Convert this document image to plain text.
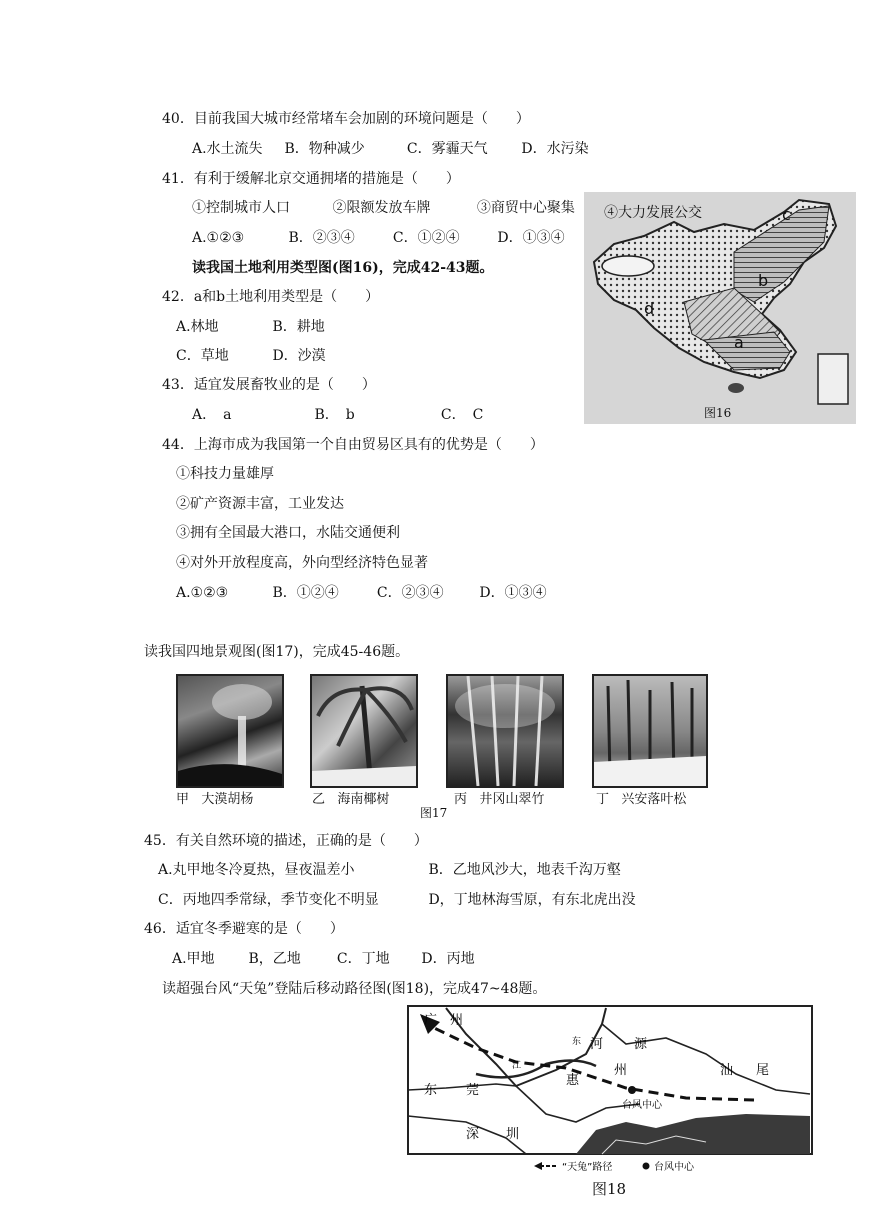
40．目前我国大城市经常堵车会加剧的环境问题是（　　）
A.水土流失 B．物种减少	C．雾霾天气 D．水污染
41．有利于缓解北京交通拥堵的措施是（　　）
①控制城市人口	②限额发放车牌	③商贸中心聚集
A.①②③	B．②③④	C．①②④	D．①③④
读我国土地利用类型图(图16)，完成42-43题。
42．a和b土地利用类型是（　　）
A.林地	B．耕地
C．草地	D．沙漠
43．适宜发展畜牧业的是（　　）
A．　a	B．　b	C．　C
c
b
d
a
④大力发展公交
图16
44．上海市成为我国第一个自由贸易区具有的优势是（　　）
①科技力量雄厚
②矿产资源丰富，工业发达
③拥有全国最大港口，水陆交通便利
④对外开放程度高，外向型经济特色显著
A.①②③	B．①②④	C．②③④	D．①③④
读我国四地景观图(图17)，完成45-46题。
甲 大漠胡杨	乙 海南椰树	丙 井冈山翠竹	丁 兴安落叶松
图17
45．有关自然环境的描述，正确的是（　　）
A.丸甲地冬冷夏热，昼夜温差小	B．乙地风沙大，地表千沟万壑
C．丙地四季常绿，季节变化不明显	D，丁地林海雪原，有东北虎出没
46．适宜冬季避寒的是（　　）
A.甲地 B，乙地	C．丁地 D．丙地
读超强台风“天兔”登陆后移动路径图(图18)，完成47~48题。
广　州
河 源
惠
州	汕 尾
东 莞
深 圳
江
东
台风中心
“天兔”路径	台风中心
图18
